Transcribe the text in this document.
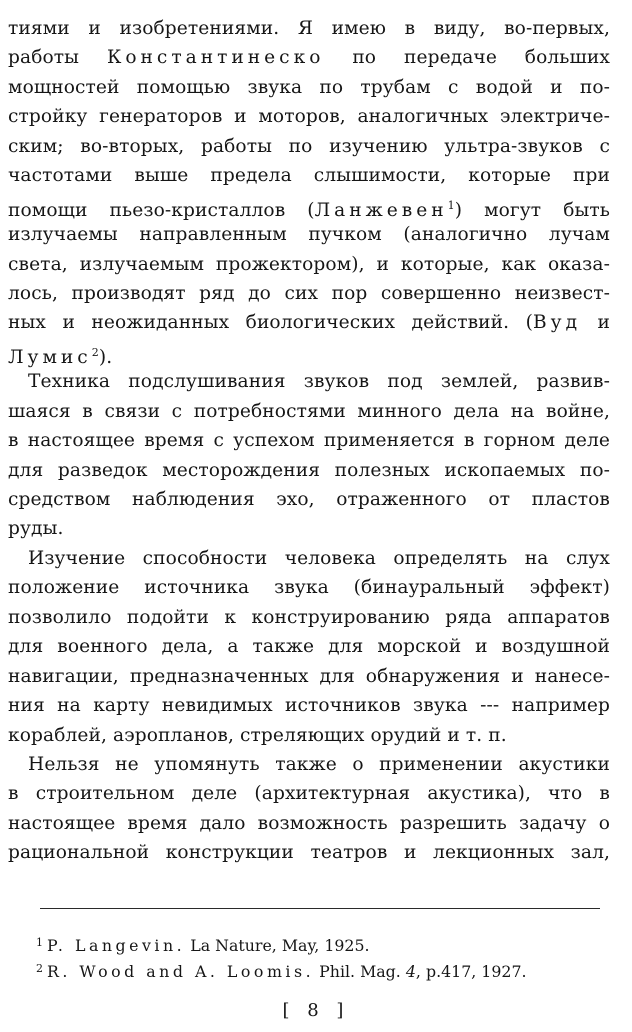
тиями и изобретениями. Я имею в виду, во-первых,
работы Константинеско по передаче больших
мощностей помощью звука по трубам с водой и по-
стройку генераторов и моторов, аналогичных электриче-
ским; во-вторых, работы по изучению ультра-звуков с
частотами выше предела слышимости, которые при
помощи пьезо-кристаллов (Ланжевен$^1$) могут быть
излучаемы направленным пучком (аналогично лучам
света, излучаемым прожектором), и которые, как оказа-
лось, производят ряд до сих пор совершенно неизвест-
ных и неожиданных биологических действий. (Вуд и
Лумис$^2$).
Техника подслушивания звуков под землей, развив-
шаяся в связи с потребностями минного дела на войне,
в настоящее время с успехом применяется в горном деле
для разведок месторождения полезных ископаемых по-
средством наблюдения эхо, отраженного от пластов
руды.
Изучение способности человека определять на слух
положение источника звука (бинауральный эффект)
позволило подойти к конструированию ряда аппаратов
для военного дела, а также для морской и воздушной
навигации, предназначенных для обнаружения и нанесе-
ния на карту невидимых источников звука --- например
кораблей, аэропланов, стреляющих орудий и т. п.
Нельзя не упомянуть также о применении акустики
в строительном деле (архитектурная акустика), что в
настоящее время дало возможность разрешить задачу о
рациональной конструкции театров и лекционных зал,
$^1$ P. Langevin. La Nature, May, 1925.
$^2$ R. Wood and A. Loomis. Phil. Mag. 4, p.417, 1927.
[ 8 ]
